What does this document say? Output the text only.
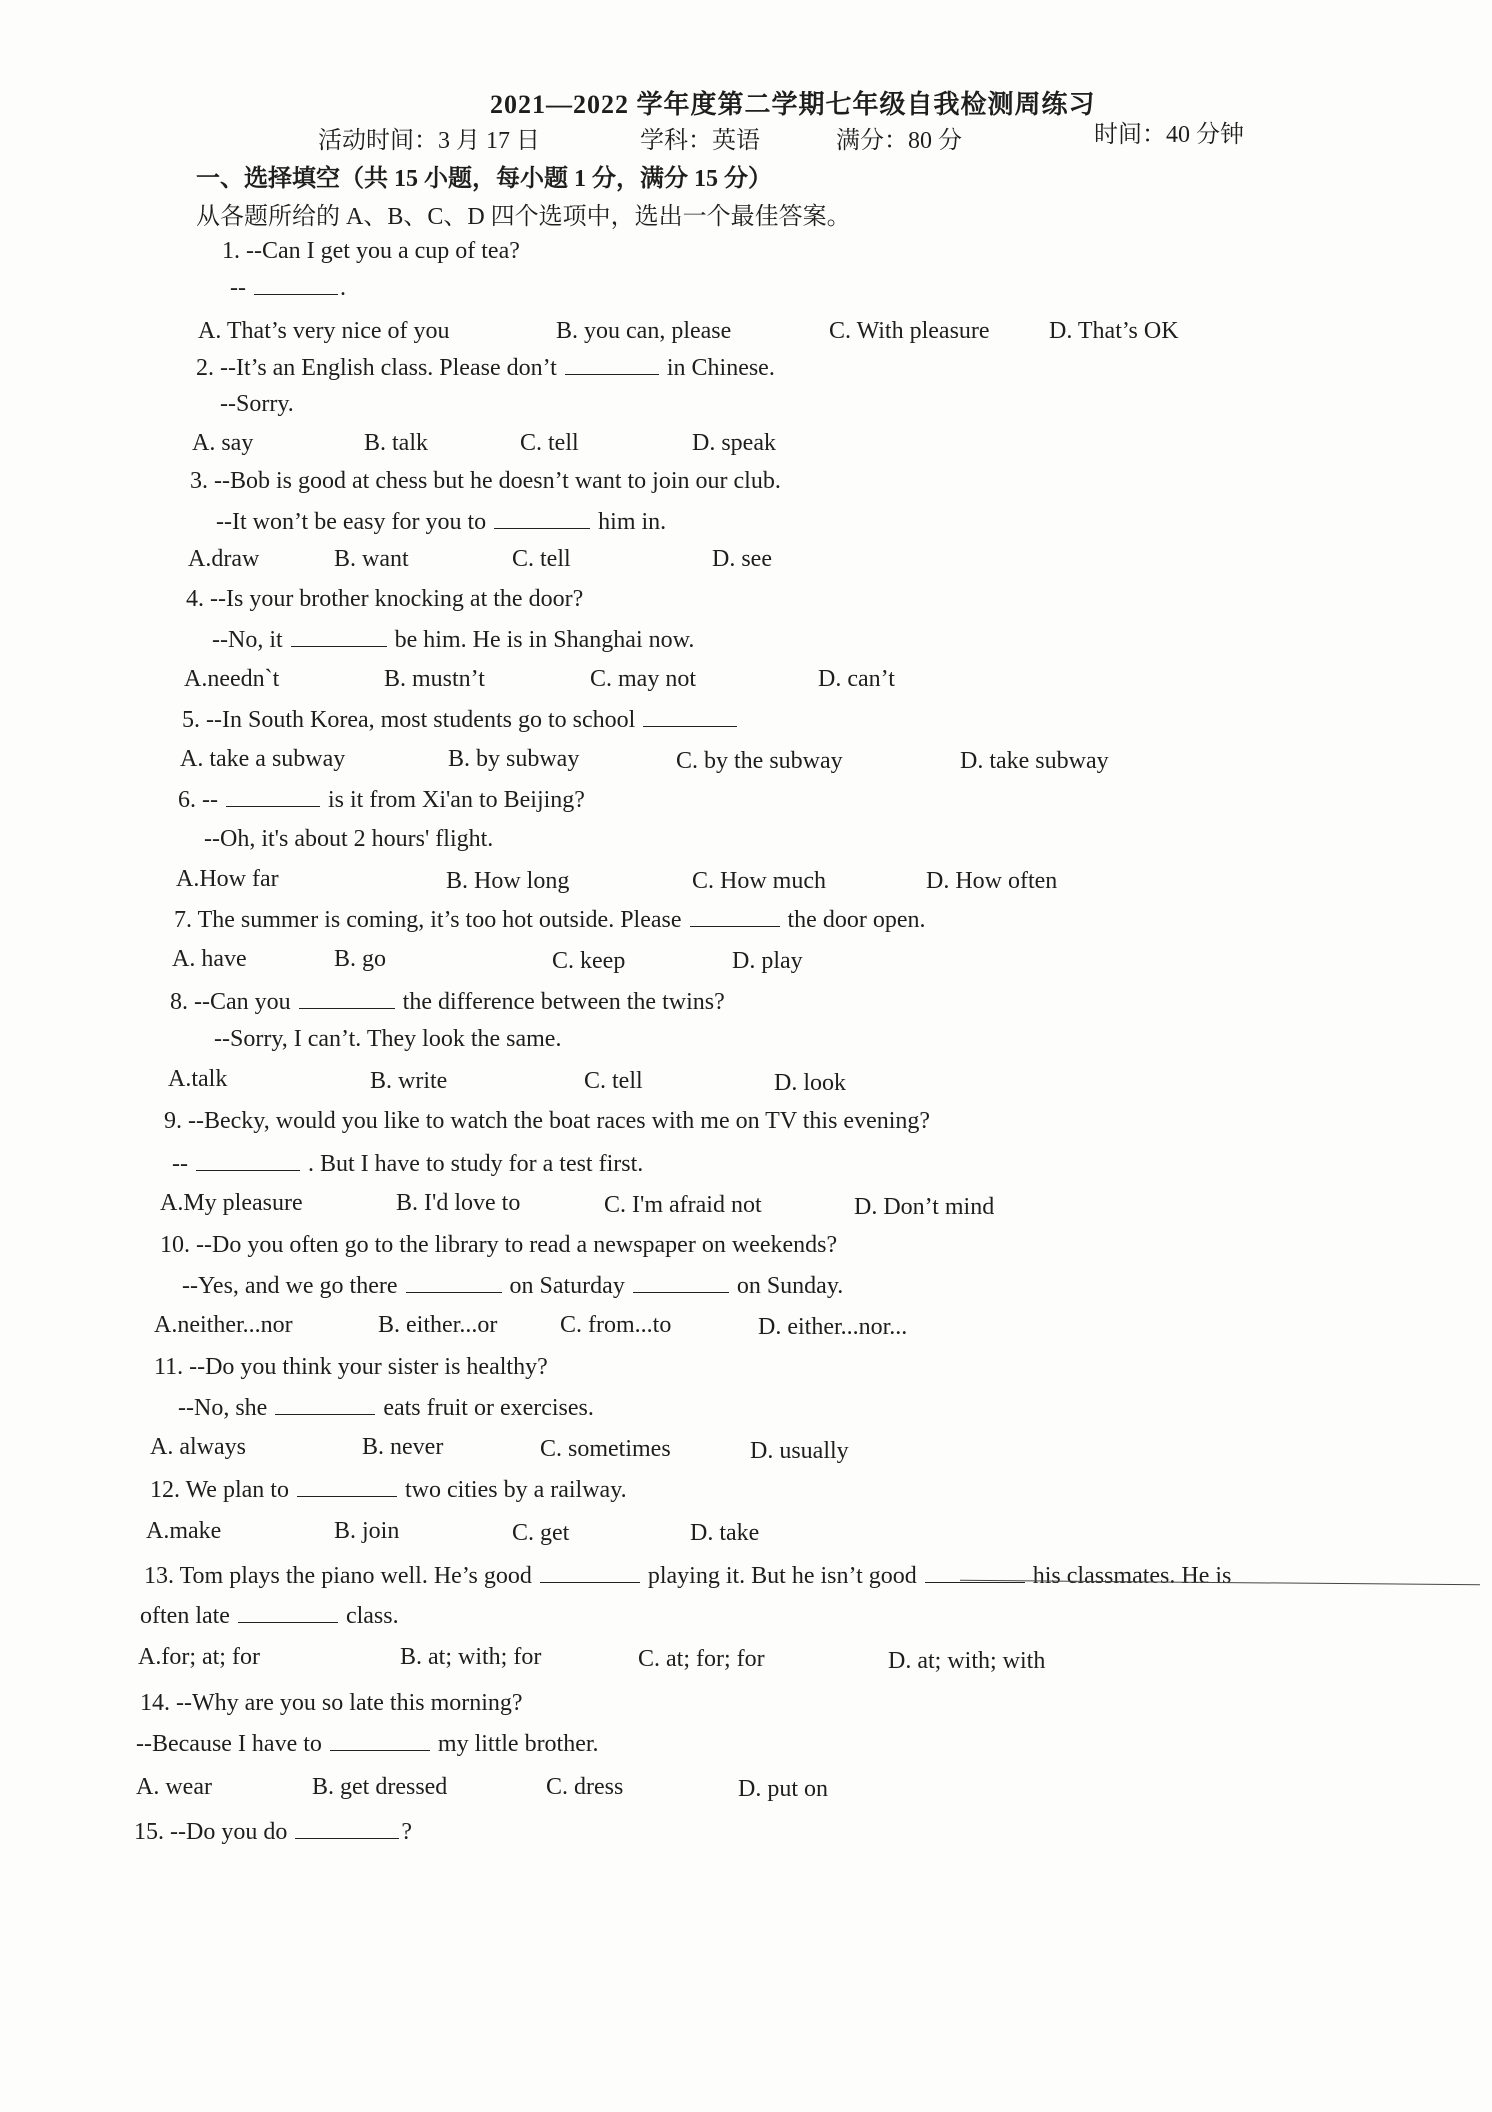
2021—2022 学年度第二学期七年级自我检测周练习
活动时间：3 月 17 日	学科：英语	满分：80 分	时间：40 分钟
一、选择填空（共 15 小题，每小题 1 分，满分 15 分）
从各题所给的 A、B、C、D 四个选项中，选出一个最佳答案。
1. --Can I get you a cup of tea?
--	.
A. That’s very nice of you	B. you can, please	C. With pleasure D. That’s OK
2. --It’s an English class. Please don’t	in Chinese.
--Sorry.
A. say	B. talk	C. tell	D. speak
3. --Bob is good at chess but he doesn’t want to join our club.
--It won’t be easy for you to	him in.
A.draw	B. want	C. tell	D. see
4. --Is your brother knocking at the door?
--No, it	be him. He is in Shanghai now.
A.needn`t	B. mustn’t	C. may not	D. can’t
5. --In South Korea, most students go to school
A. take a subway	B. by subway	C. by the subway	D. take subway
6. --	is it from Xi'an to Beijing?
--Oh, it's about 2 hours' flight.
A.How far	B. How long	C. How much	D. How often
7. The summer is coming, it’s too hot outside. Please	the door open.
A. have	B. go	C. keep	D. play
8. --Can you	the difference between the twins?
--Sorry, I can’t. They look the same.
A.talk	B. write	C. tell	D. look
9. --Becky, would you like to watch the boat races with me on TV this evening?
--	. But I have to study for a test first.
A.My pleasure	B. I'd love to	C. I'm afraid not	D. Don’t mind
10. --Do you often go to the library to read a newspaper on weekends?
--Yes, and we go there	on Saturday	on Sunday.
A.neither...nor	B. either...or	C. from...to	D. either...nor...
11. --Do you think your sister is healthy?
--No, she	eats fruit or exercises.
A. always	B. never	C. sometimes	D. usually
12. We plan to	two cities by a railway.
A.make	B. join	C. get	D. take
13. Tom plays the piano well. He’s good	playing it. But he isn’t good	his classmates. He is
often late	class.
A.for; at; for	B. at; with; for	C. at; for; for	D. at; with; with
14. --Why are you so late this morning?
--Because I have to	my little brother.
A. wear	B. get dressed	C. dress	D. put on
15. --Do you do	?
